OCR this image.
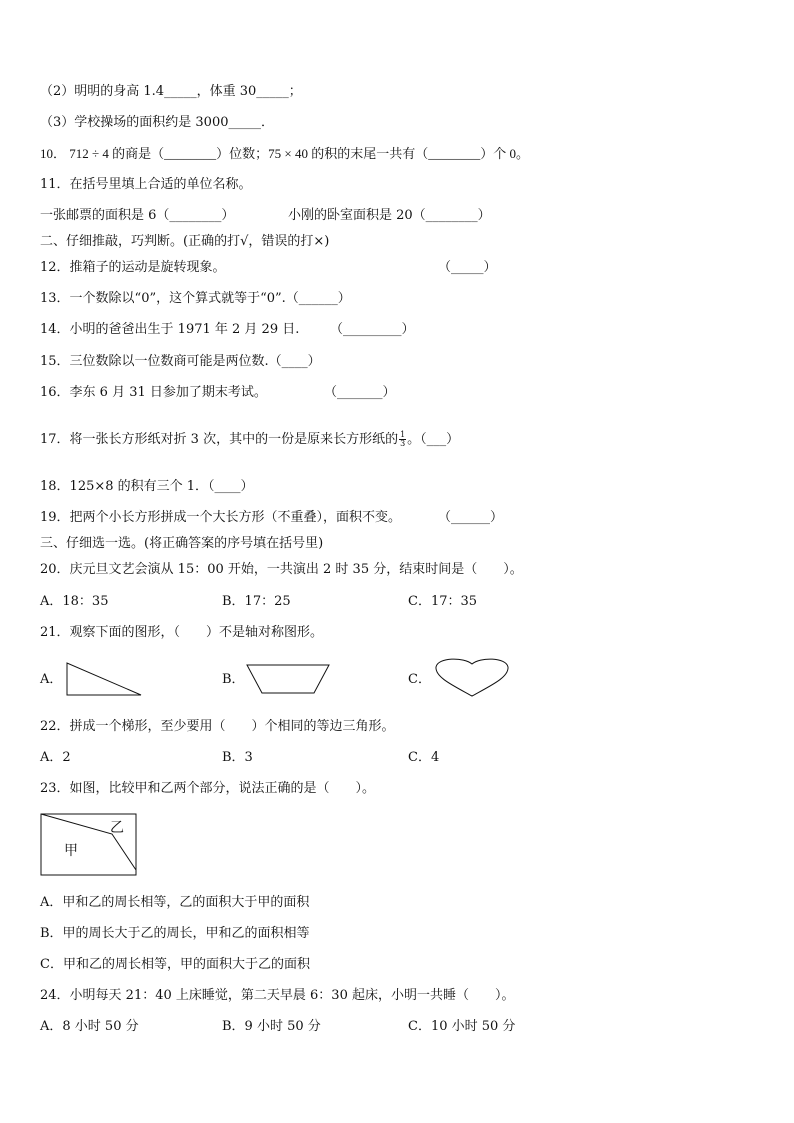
（2）明明的身高 1.4_____，体重 30_____；
（3）学校操场的面积约是 3000_____．
10． 712 ÷ 4 的商是（________）位数；75 × 40 的积的末尾一共有（________）个 0。
11．在括号里填上合适的单位名称。
一张邮票的面积是 6（________）	小刚的卧室面积是 20（________）
二、仔细推敲，巧判断。(正确的打√，错误的打×)
12．推箱子的运动是旋转现象。	（_____）
13．一个数除以“0”，这个算式就等于“0”.（______）
14．小明的爸爸出生于 1971 年 2 月 29 日. （_________）
15．三位数除以一位数商可能是两位数.（____）
16．李东 6 月 31 日参加了期末考试。	（_______）
17．将一张长方形纸对折 3 次，其中的一份是原来长方形纸的 $\frac{1}{3}$ 。（___）
18．125×8 的积有三个 1．（____）
19．把两个小长方形拼成一个大长方形（不重叠），面积不变。	（______）
三、仔细选一选。(将正确答案的序号填在括号里)
20．庆元旦文艺会演从 15：00 开始，一共演出 2 时 35 分，结束时间是（　　）。
A．18：35	B．17：25	C．17：35
21．观察下面的图形，（　　）不是轴对称图形。
A．	B．	C．
22．拼成一个梯形，至少要用（　　）个相同的等边三角形。
A．2	B．3	C．4
23．如图，比较甲和乙两个部分，说法正确的是（　　）。
乙
甲
A．甲和乙的周长相等，乙的面积大于甲的面积
B．甲的周长大于乙的周长，甲和乙的面积相等
C．甲和乙的周长相等，甲的面积大于乙的面积
24．小明每天 21：40 上床睡觉，第二天早晨 6：30 起床，小明一共睡（　　）。
A．8 小时 50 分	B．9 小时 50 分	C．10 小时 50 分
